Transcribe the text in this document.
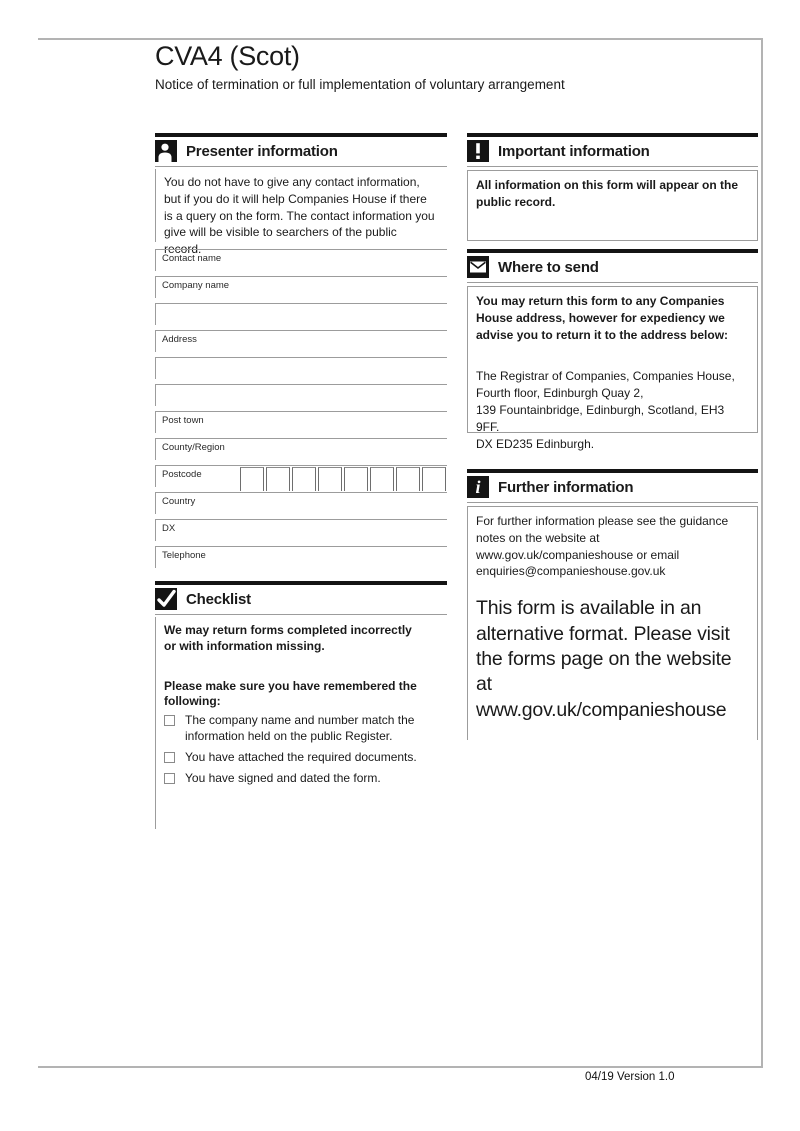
CVA4 (Scot)
Notice of termination or full implementation of voluntary arrangement
Presenter information
You do not have to give any contact information, but if you do it will help Companies House if there is a query on the form. The contact information you give will be visible to searchers of the public record.
Contact name
Company name
Address
Post town
County/Region
Postcode
Country
DX
Telephone
Checklist
We may return forms completed incorrectly or with information missing.
Please make sure you have remembered the following:
The company name and number match the information held on the public Register.
You have attached the required documents.
You have signed and dated the form.
Important information
All information on this form will appear on the public record.
Where to send
You may return this form to any Companies House address, however for expediency we advise you to return it to the address below:
The Registrar of Companies, Companies House,
Fourth floor, Edinburgh Quay 2,
139 Fountainbridge, Edinburgh, Scotland, EH3 9FF.
DX ED235 Edinburgh.
i Further information
For further information please see the guidance notes on the website at www.gov.uk/companieshouse or email enquiries@companieshouse.gov.uk
This form is available in an alternative format. Please visit the forms page on the website at www.gov.uk/companieshouse
04/19 Version 1.0
